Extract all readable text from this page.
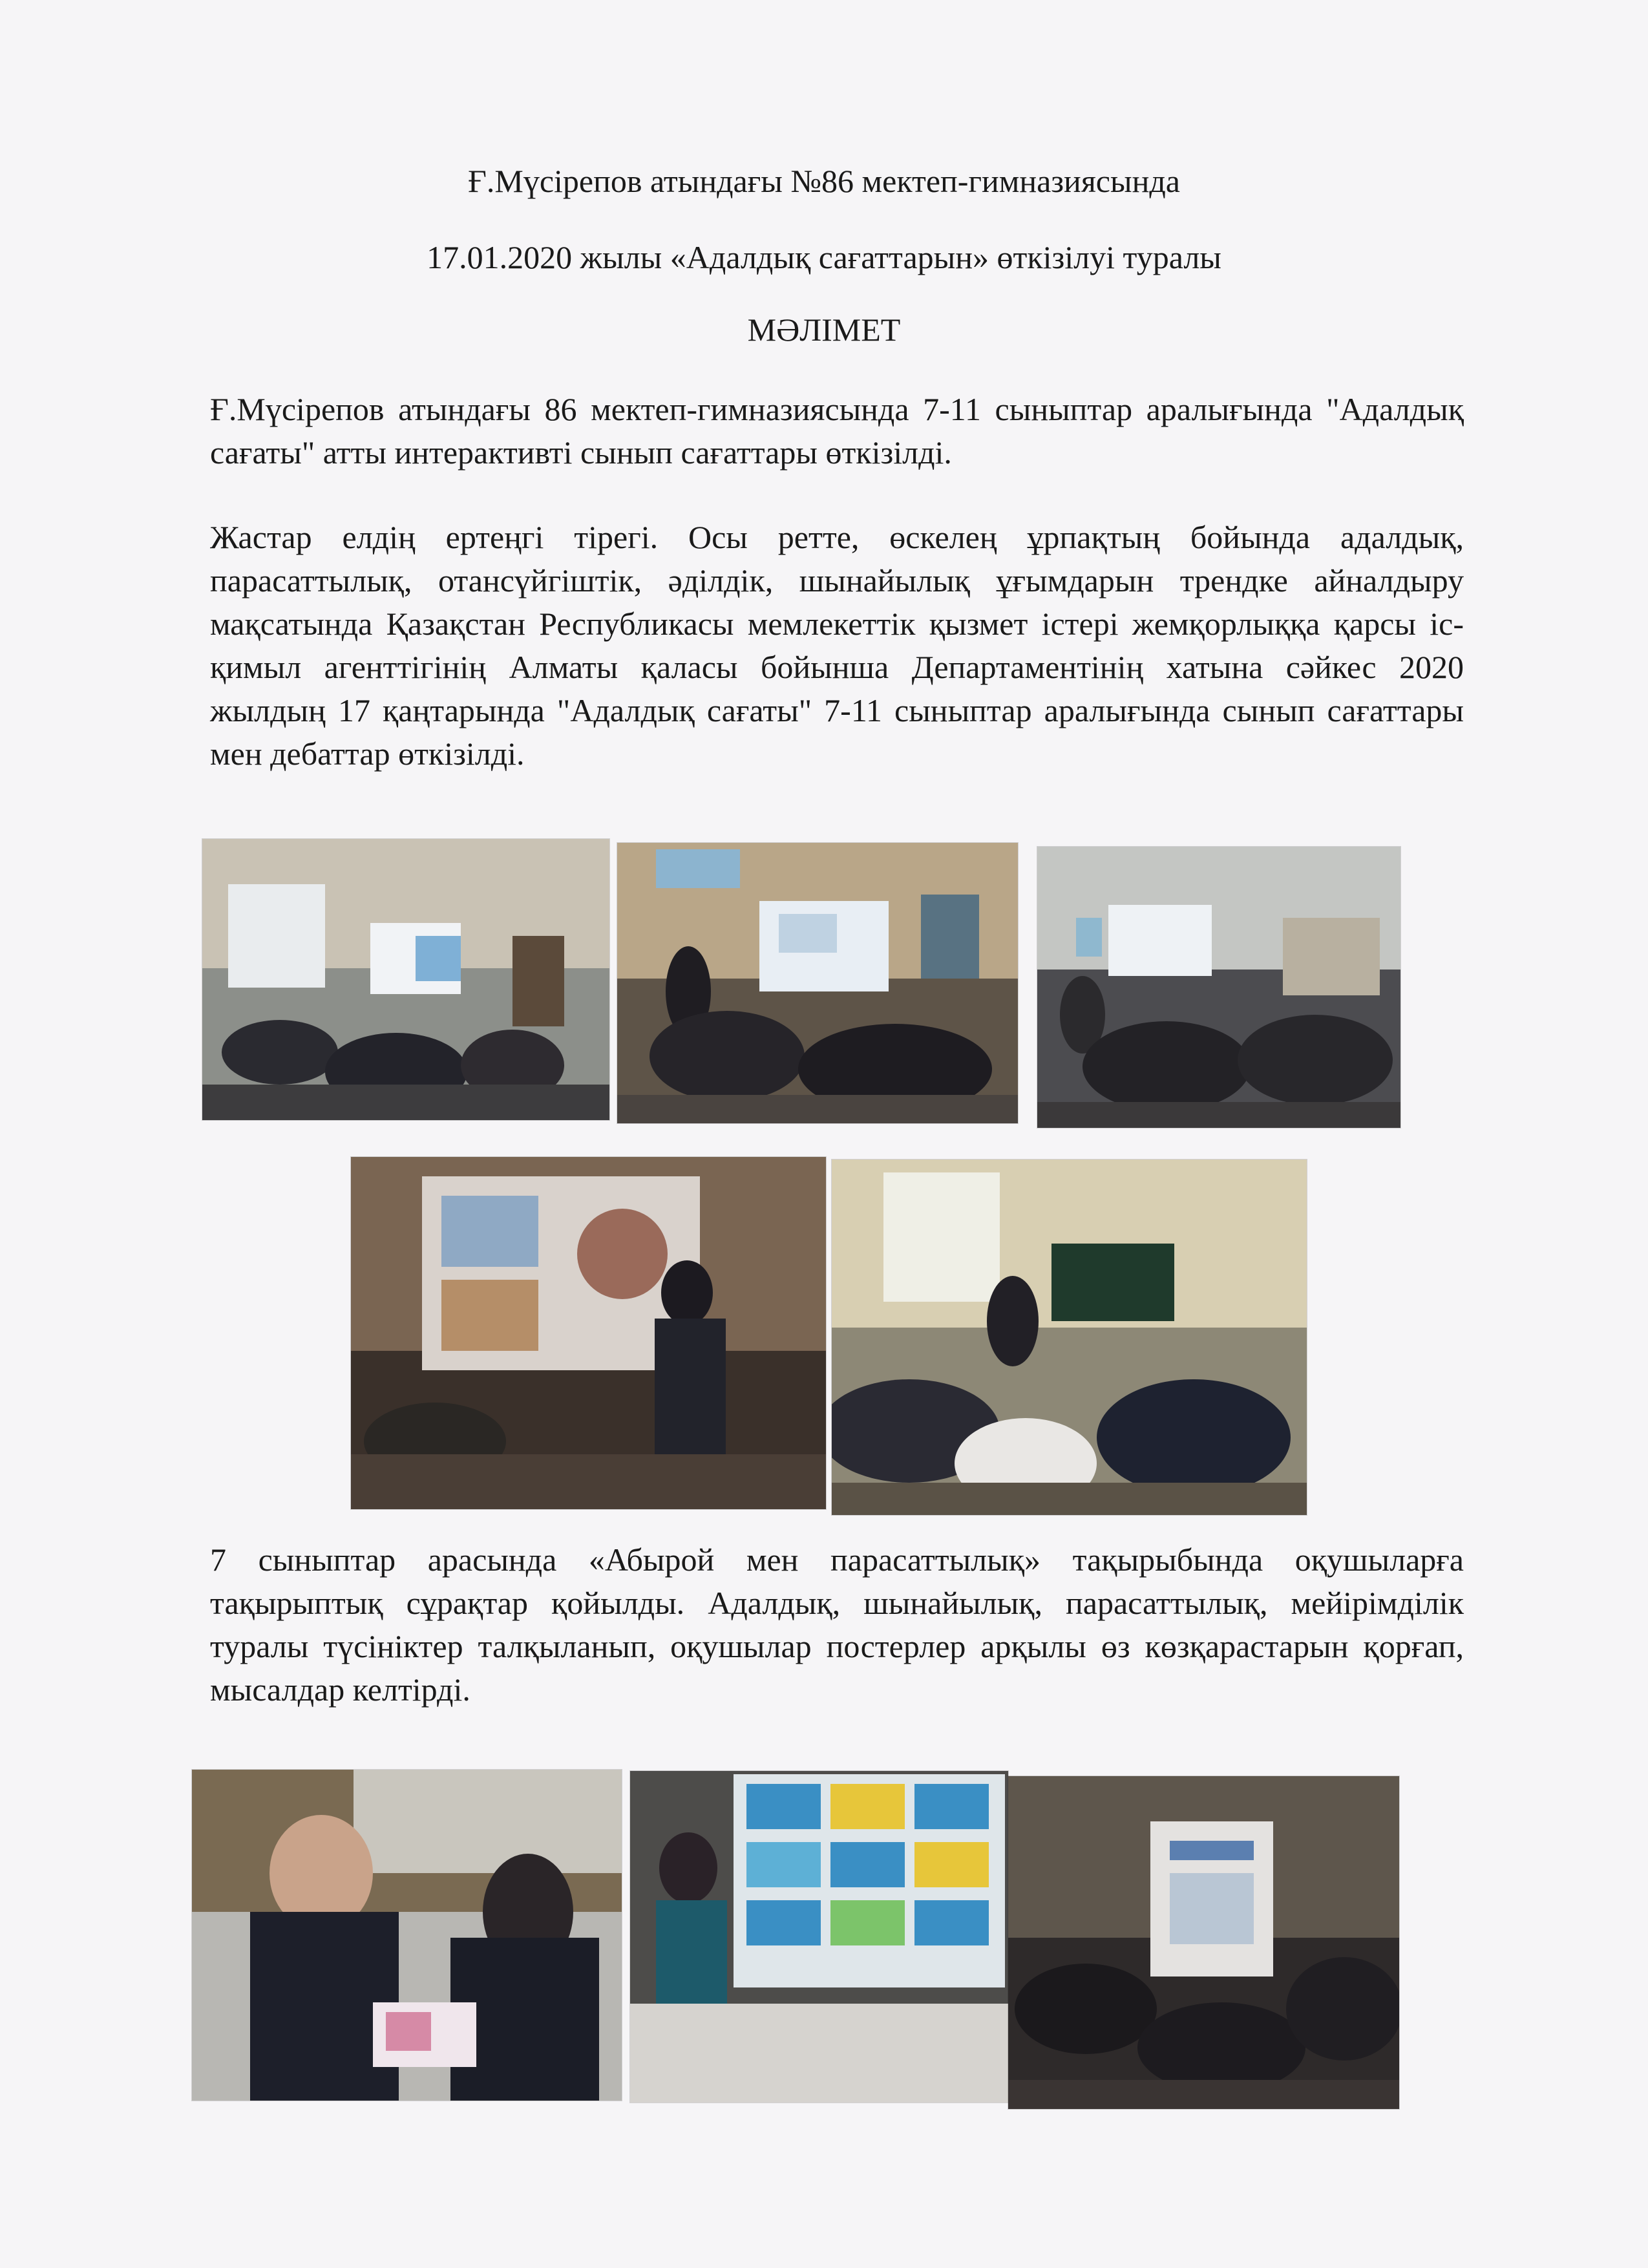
Ғ.Мүсірепов атындағы №86 мектеп-гимназиясында
17.01.2020 жылы «Адалдық сағаттарын» өткізілуі туралы
МӘЛІМЕТ

Ғ.Мүсірепов атындағы 86 мектеп-гимназиясында 7-11 сыныптар аралығында "Адалдық сағаты" атты интерактивті сынып сағаттары өткізілді.

Жастар елдің ертеңгі тірегі. Осы ретте, өскелең ұрпақтың бойында адалдық, парасаттылық, отансүйгіштік, әділдік, шынайылық ұғымдарын трендке айналдыру мақсатында Қазақстан Республикасы мемлекеттік қызмет істері жемқорлыққа қарсы іс-қимыл агенттігінің Алматы қаласы бойынша Департаментінің хатына сәйкес 2020 жылдың 17 қаңтарында "Адалдық сағаты" 7-11 сыныптар аралығында сынып сағаттары мен дебаттар өткізілді.

7 сыныптар арасында «Абырой мен парасаттылық» тақырыбында оқушыларға тақырыптық сұрақтар қойылды. Адалдық, шынайылық, парасаттылық, мейірімділік туралы түсініктер талқыланып, оқушылар постерлер арқылы өз көзқарастарын қорғап, мысалдар келтірді.
